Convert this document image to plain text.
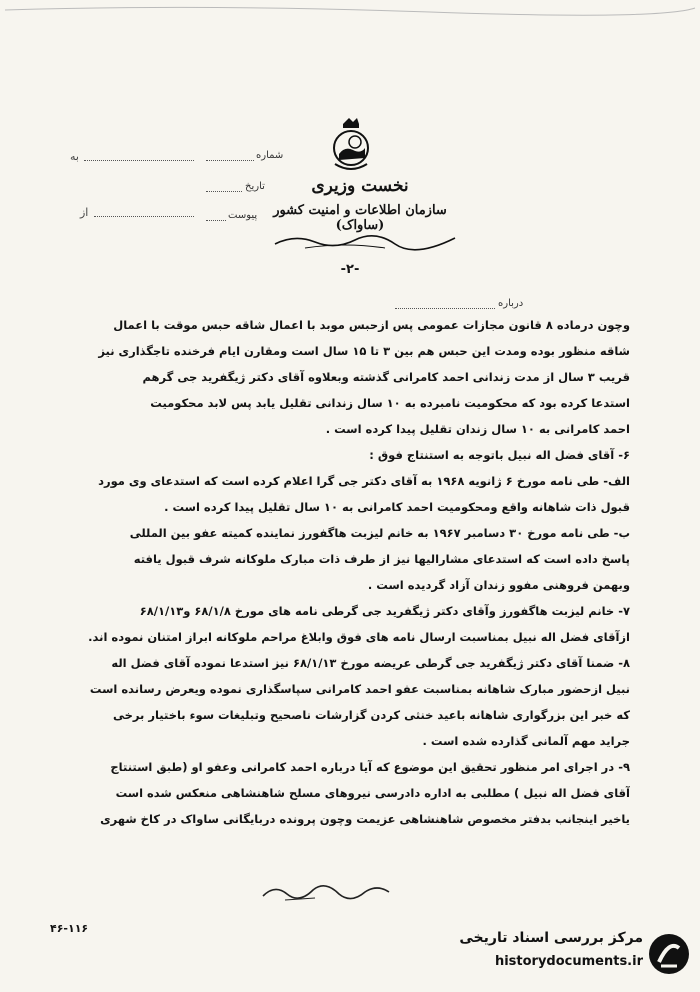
به
از
نخست وزیری
سازمان اطلاعات و امنیت کشور (ساواک)
شماره
تاریخ
پیوست
-۲-
درباره
وچون درماده ۸ قانون مجازات عمومی پس ازحبس موبد با اعمال شاقه حبس موقت با اعمال
شاقه منظور بوده ومدت این حبس هم بین ۳ تا ۱۵ سال است ومقارن ایام فرخنده تاجگذاری نیز
قریب ۳ سال از مدت زندانی احمد کامرانی گذشته وبعلاوه آقای دکتر ژیگفرید جی گرهم
استدعا کرده بود که محکومیت نامبرده به ۱۰ سال زندانی تقلیل یابد پس لابد محکومیت
احمد کامرانی به ۱۰ سال زندان تقلیل پیدا کرده است .
۶- آقای فضل اله نبیل باتوجه به استنتاج فوق :
الف- طی نامه مورخ ۶ ژانویه ۱۹۶۸ به آقای دکتر جی گرا اعلام کرده است که استدعای وی مورد
قبول ذات شاهانه واقع ومحکومیت احمد کامرانی به ۱۰ سال تقلیل پیدا کرده است .
ب- طی نامه مورخ ۳۰ دسامبر ۱۹۶۷ به خانم لیزبت هاگفورز نماینده کمیته عفو بین المللی
پاسخ داده است که استدعای مشارالیها نیز از طرف ذات مبارک ملوکانه شرف قبول یافته
وبهمن فروهنی مفوو زندان آزاد گردیده است .
۷- خانم لیزبت هاگفورز وآقای دکتر ژیگفرید جی گرطی نامه های مورخ ۶۸/۱/۸ و۶۸/۱/۱۳
ازآقای فضل اله نبیل بمناسبت ارسال نامه های فوق وابلاغ مراحم ملوکانه ابراز امتنان نموده اند.
۸- ضمنا آقای دکتر ژیگفرید جی گرطی عریضه مورخ ۶۸/۱/۱۳ نیز استدعا نموده آقای فضل اله
نبیل ازحضور مبارک شاهانه بمناسبت عفو احمد کامرانی سپاسگذاری نموده ویعرض رسانده است
که خبر این بزرگواری شاهانه باعید خنثی کردن گزارشات ناصحیح وتبلیغات سوء باختیار برخی
جراید مهم آلمانی گذارده شده است .
۹- در اجرای امر منظور تحقیق این موضوع که آیا درباره احمد کامرانی وعفو او (طبق استنتاج
آقای فضل اله نبیل ) مطلبی به اداره دادرسی نیروهای مسلح شاهنشاهی منعکس شده است
یاخیر اینجانب بدفتر مخصوص شاهنشاهی عزیمت وچون پرونده دربایگانی ساواک در کاخ شهری
۴۶-۱۱۶
مرکز بررسی اسناد تاریخی
historydocuments.ir
